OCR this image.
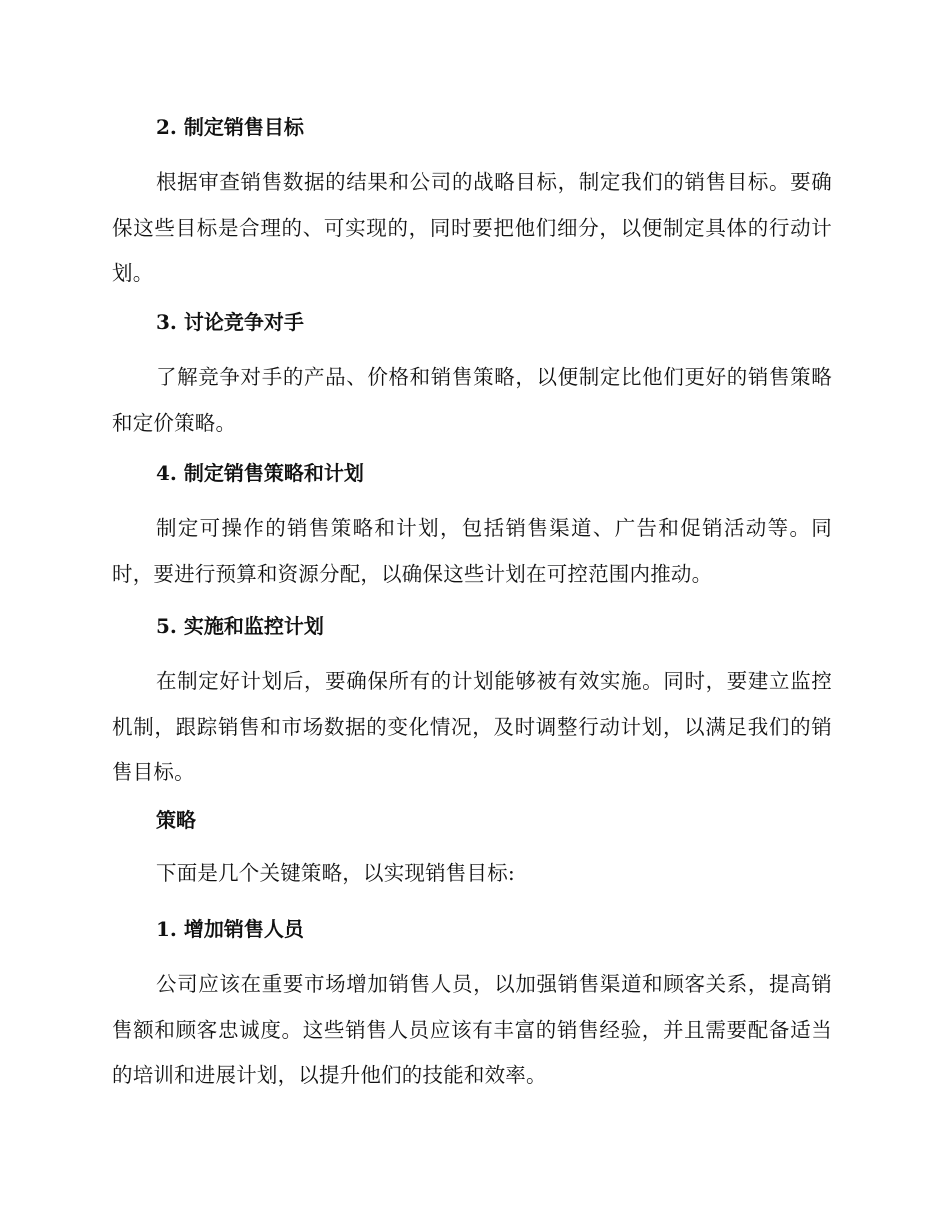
2. 制定销售目标
根据审查销售数据的结果和公司的战略目标，制定我们的销售目标。要确保这些目标是合理的、可实现的，同时要把他们细分，以便制定具体的行动计划。
3. 讨论竞争对手
了解竞争对手的产品、价格和销售策略，以便制定比他们更好的销售策略和定价策略。
4. 制定销售策略和计划
制定可操作的销售策略和计划，包括销售渠道、广告和促销活动等。同时，要进行预算和资源分配，以确保这些计划在可控范围内推动。
5. 实施和监控计划
在制定好计划后，要确保所有的计划能够被有效实施。同时，要建立监控机制，跟踪销售和市场数据的变化情况，及时调整行动计划，以满足我们的销售目标。
策略
下面是几个关键策略，以实现销售目标:
1. 增加销售人员
公司应该在重要市场增加销售人员，以加强销售渠道和顾客关系，提高销售额和顾客忠诚度。这些销售人员应该有丰富的销售经验，并且需要配备适当的培训和进展计划，以提升他们的技能和效率。
